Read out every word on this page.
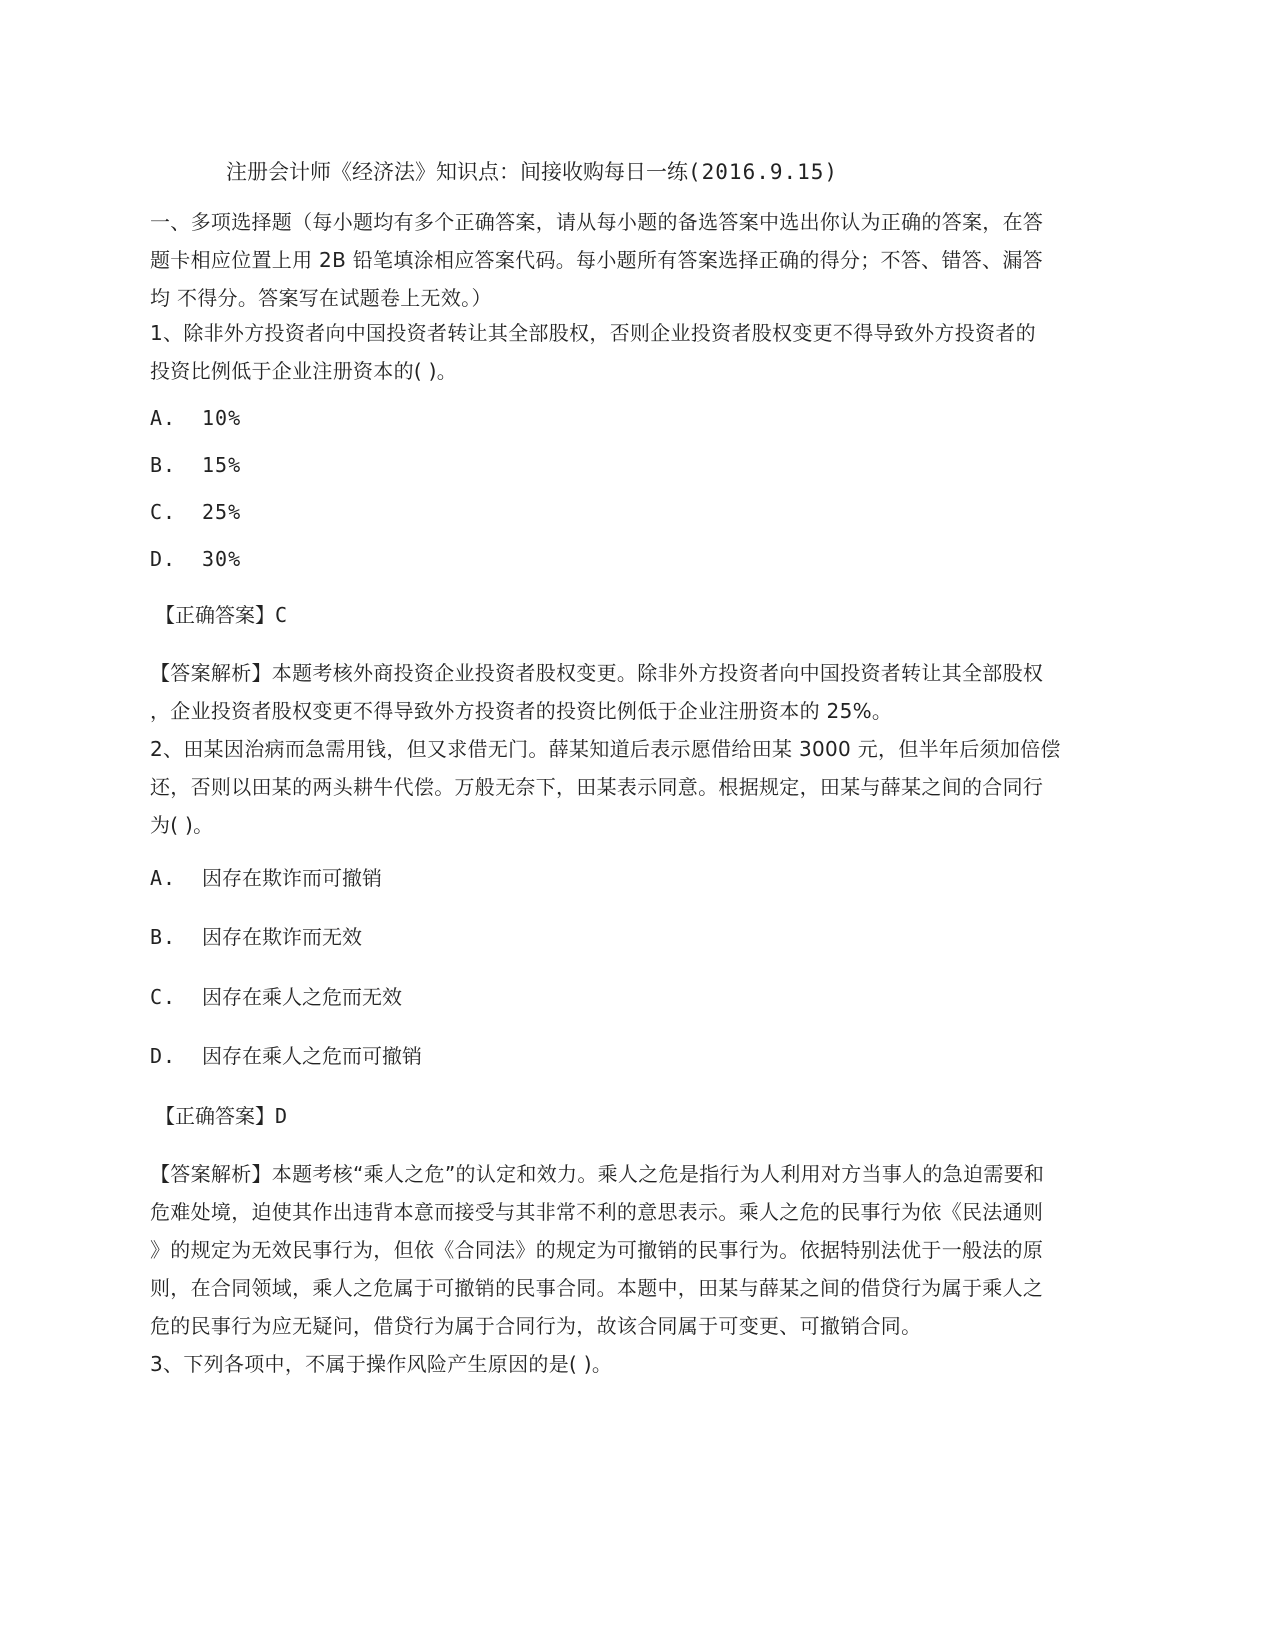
注册会计师《经济法》知识点：间接收购每日一练(2016.9.15)
一、多项选择题（每小题均有多个正确答案，请从每小题的备选答案中选出你认为正确的答案，在答
题卡相应位置上用 2B 铅笔填涂相应答案代码。每小题所有答案选择正确的得分；不答、错答、漏答
均 不得分。答案写在试题卷上无效。）
1、除非外方投资者向中国投资者转让其全部股权，否则企业投资者股权变更不得导致外方投资者的
投资比例低于企业注册资本的( )。
A. 10%
B. 15%
C. 25%
D. 30%
【正确答案】C
【答案解析】本题考核外商投资企业投资者股权变更。除非外方投资者向中国投资者转让其全部股权
，企业投资者股权变更不得导致外方投资者的投资比例低于企业注册资本的 25%。
2、田某因治病而急需用钱，但又求借无门。薛某知道后表示愿借给田某 3000 元，但半年后须加倍偿
还，否则以田某的两头耕牛代偿。万般无奈下，田某表示同意。根据规定，田某与薛某之间的合同行
为( )。
A. 因存在欺诈而可撤销
B. 因存在欺诈而无效
C. 因存在乘人之危而无效
D. 因存在乘人之危而可撤销
【正确答案】D
【答案解析】本题考核“乘人之危”的认定和效力。乘人之危是指行为人利用对方当事人的急迫需要和
危难处境，迫使其作出违背本意而接受与其非常不利的意思表示。乘人之危的民事行为依《民法通则
》的规定为无效民事行为，但依《合同法》的规定为可撤销的民事行为。依据特别法优于一般法的原
则，在合同领域，乘人之危属于可撤销的民事合同。本题中，田某与薛某之间的借贷行为属于乘人之
危的民事行为应无疑问，借贷行为属于合同行为，故该合同属于可变更、可撤销合同。
3、下列各项中，不属于操作风险产生原因的是( )。
